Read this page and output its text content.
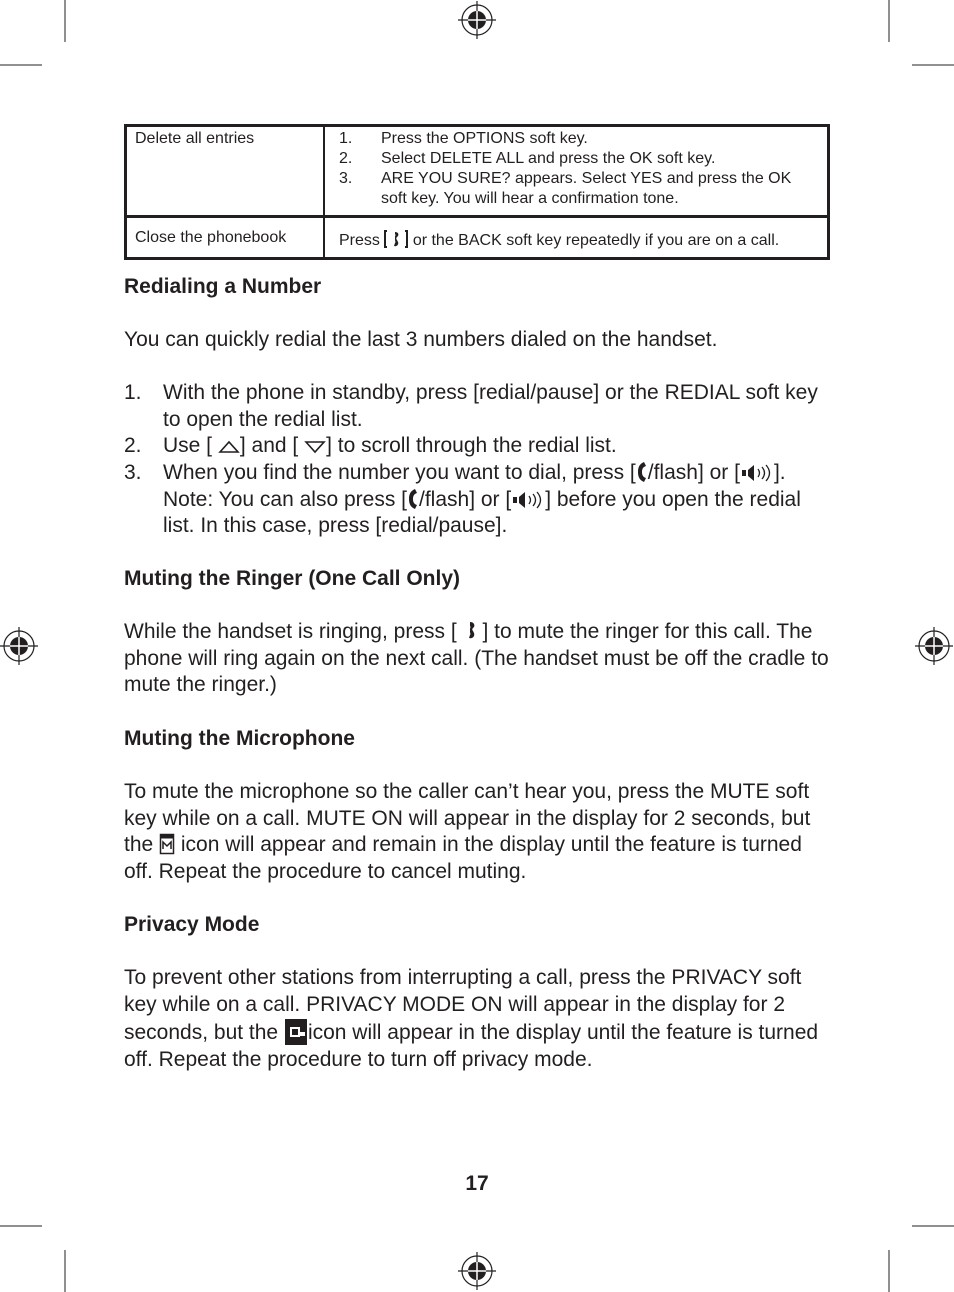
Delete all entries	1. Press the OPTIONS soft key.
2. Select DELETE ALL and press the OK soft key.
3. ARE YOU SURE? appears. Select YES and press the OK soft key. You will hear a confirmation tone.
Close the phonebook	Press or the BACK soft key repeatedly if you are on a call.
Redialing a Number
You can quickly redial the last 3 numbers dialed on the handset.
1. With the phone in standby, press [redial/pause] or the REDIAL soft key to open the redial list.
2. Use [ ] and [ ] to scroll through the redial list.
3. When you find the number you want to dial, press [ /flash] or [ ].
Note: You can also press [ /flash] or [ ] before you open the redial list. In this case, press [redial/pause].
Muting the Ringer (One Call Only)
While the handset is ringing, press [ ] to mute the ringer for this call. The phone will ring again on the next call. (The handset must be off the cradle to mute the ringer.)
Muting the Microphone
To mute the microphone so the caller can’t hear you, press the MUTE soft key while on a call. MUTE ON will appear in the display for 2 seconds, but the icon will appear and remain in the display until the feature is turned off. Repeat the procedure to cancel muting.
Privacy Mode
To prevent other stations from interrupting a call, press the PRIVACY soft key while on a call. PRIVACY MODE ON will appear in the display for 2 seconds, but the icon will appear in the display until the feature is turned off. Repeat the procedure to turn off privacy mode.
17
